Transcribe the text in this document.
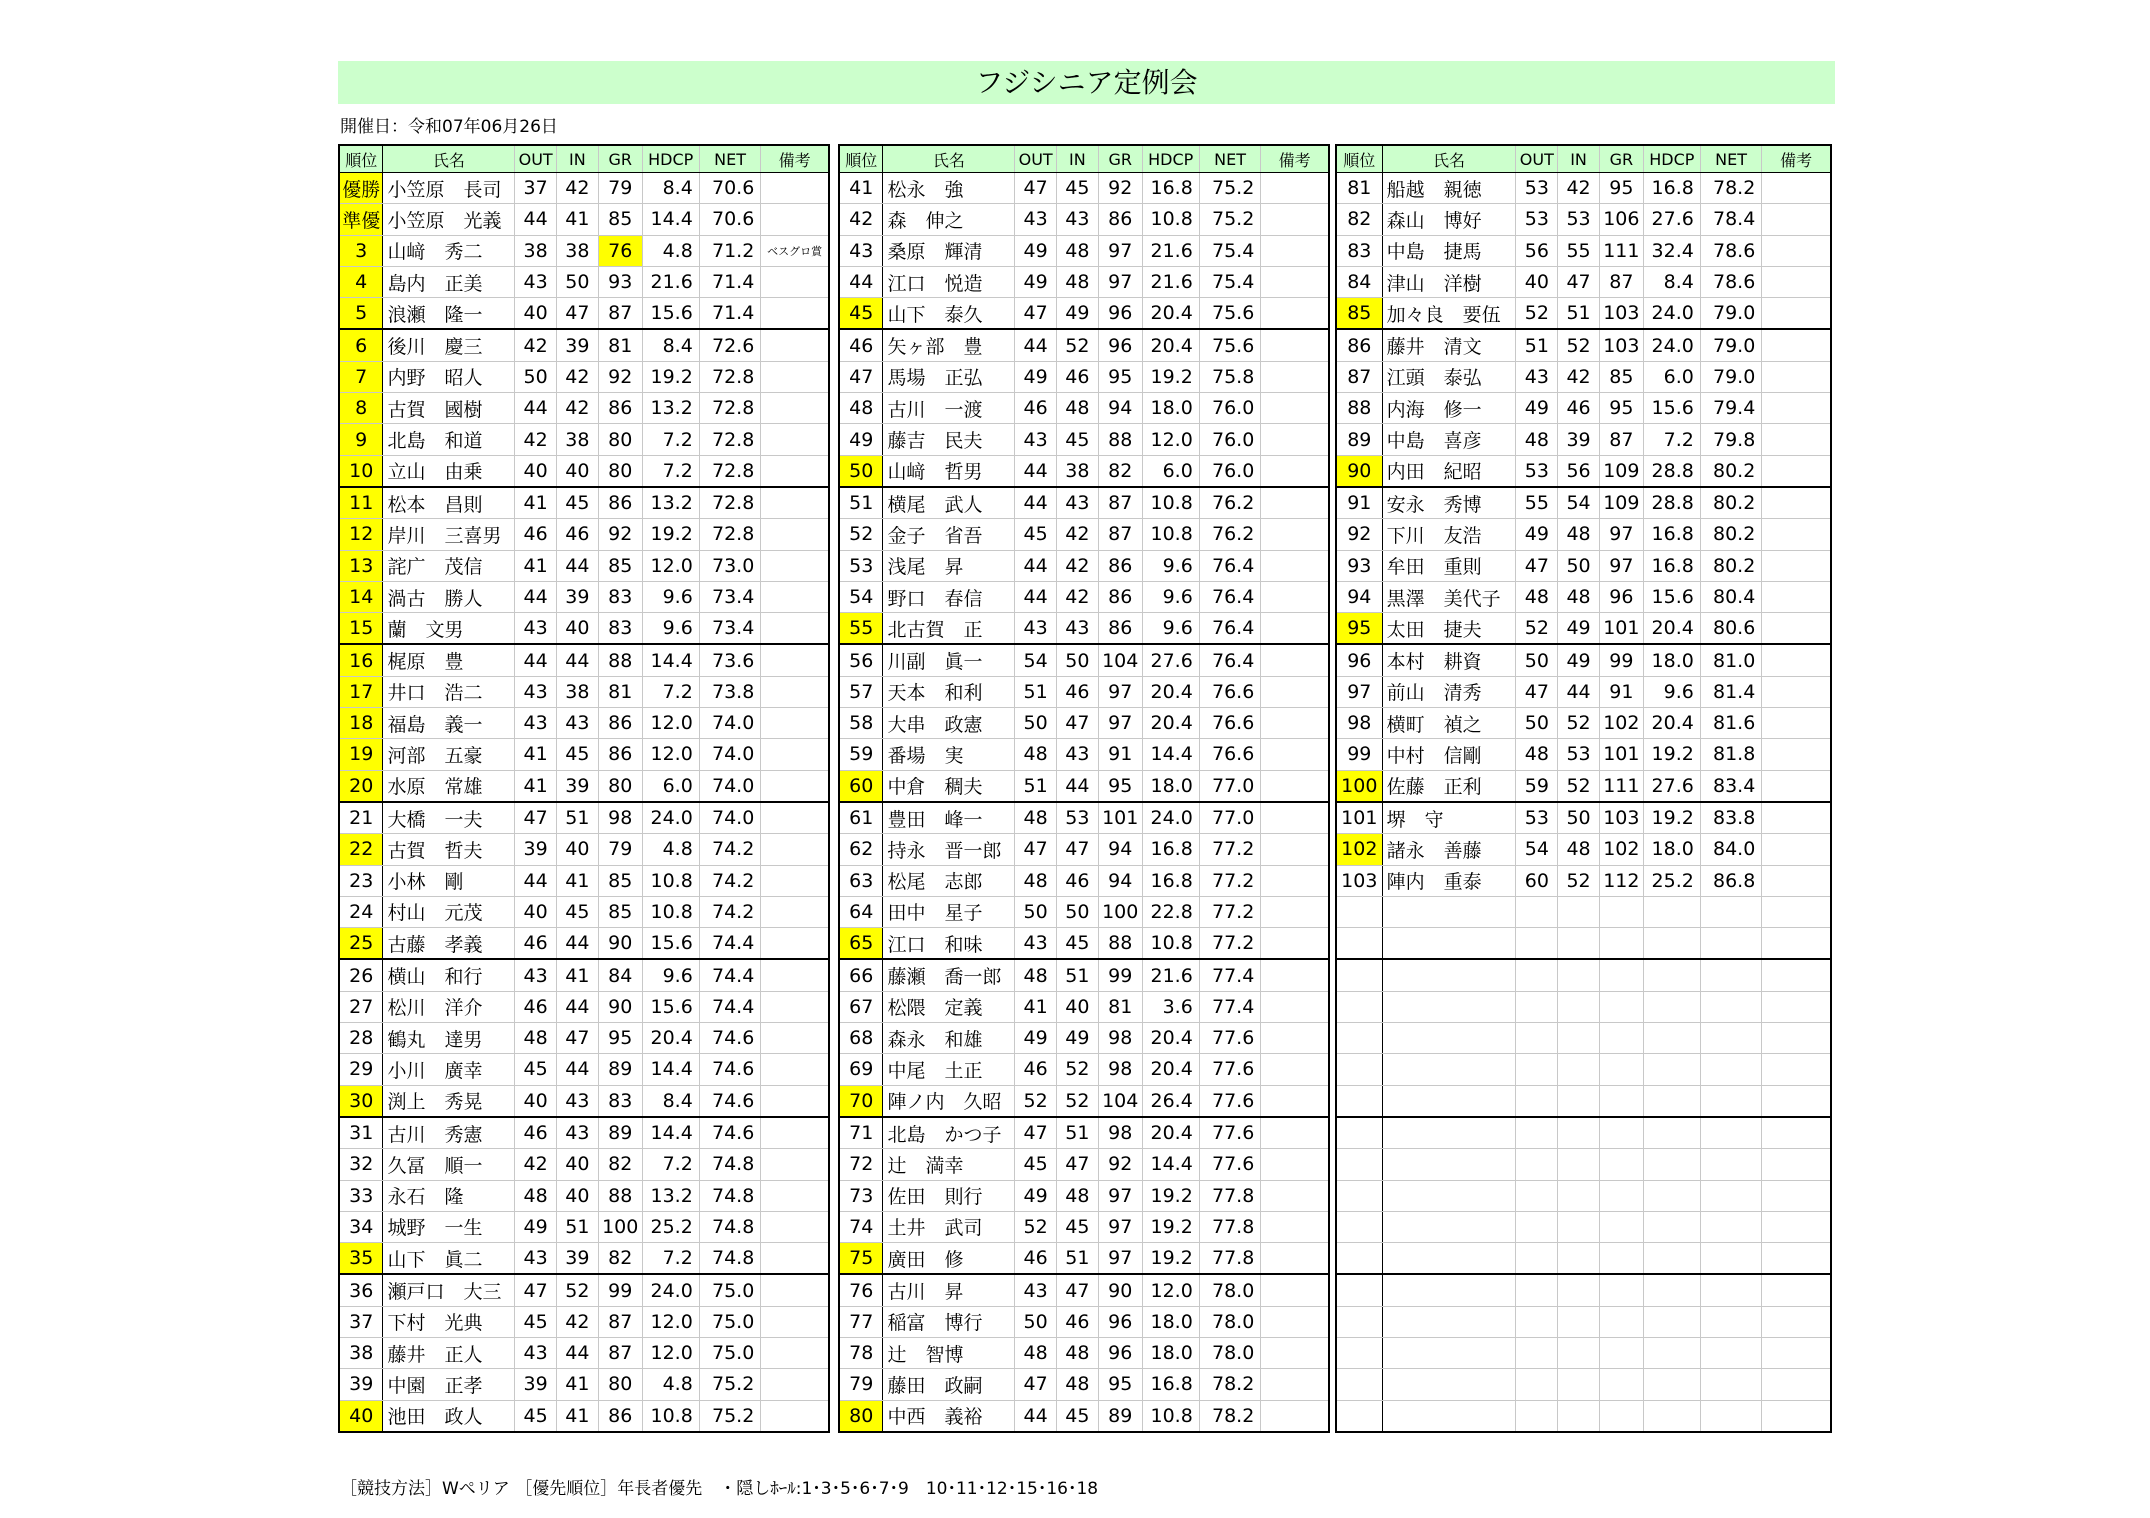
フジシニア定例会
開催日：令和07年06月26日
順位	氏名	OUT	IN	GR	HDCP	NET	備考
優勝	小笠原　長司	37	42	79	8.4	70.6	
準優	小笠原　光義	44	41	85	14.4	70.6	
3	山﨑　秀二	38	38	76	4.8	71.2	ベスグロ賞
4	島内　正美	43	50	93	21.6	71.4	
5	浪瀬　隆一	40	47	87	15.6	71.4	
6	後川　慶三	42	39	81	8.4	72.6	
7	内野　昭人	50	42	92	19.2	72.8	
8	古賀　國樹	44	42	86	13.2	72.8	
9	北島　和道	42	38	80	7.2	72.8	
10	立山　由乗	40	40	80	7.2	72.8	
11	松本　昌則	41	45	86	13.2	72.8	
12	岸川　三喜男	46	46	92	19.2	72.8	
13	詫广　茂信	41	44	85	12.0	73.0	
14	渦古　勝人	44	39	83	9.6	73.4	
15	蘭　文男	43	40	83	9.6	73.4	
16	梶原　豊	44	44	88	14.4	73.6	
17	井口　浩二	43	38	81	7.2	73.8	
18	福島　義一	43	43	86	12.0	74.0	
19	河部　五豪	41	45	86	12.0	74.0	
20	水原　常雄	41	39	80	6.0	74.0	
21	大橋　一夫	47	51	98	24.0	74.0	
22	古賀　哲夫	39	40	79	4.8	74.2	
23	小林　剛	44	41	85	10.8	74.2	
24	村山　元茂	40	45	85	10.8	74.2	
25	古藤　孝義	46	44	90	15.6	74.4	
26	横山　和行	43	41	84	9.6	74.4	
27	松川　洋介	46	44	90	15.6	74.4	
28	鶴丸　達男	48	47	95	20.4	74.6	
29	小川　廣幸	45	44	89	14.4	74.6	
30	渕上　秀晃	40	43	83	8.4	74.6	
31	古川　秀憲	46	43	89	14.4	74.6	
32	久冨　順一	42	40	82	7.2	74.8	
33	永石　隆	48	40	88	13.2	74.8	
34	城野　一生	49	51	100	25.2	74.8	
35	山下　眞二	43	39	82	7.2	74.8	
36	瀬戸口　大三	47	52	99	24.0	75.0	
37	下村　光典	45	42	87	12.0	75.0	
38	藤井　正人	43	44	87	12.0	75.0	
39	中園　正孝	39	41	80	4.8	75.2	
40	池田　政人	45	41	86	10.8	75.2	
順位	氏名	OUT	IN	GR	HDCP	NET	備考
41	松永　強	47	45	92	16.8	75.2	
42	森　伸之	43	43	86	10.8	75.2	
43	桑原　輝清	49	48	97	21.6	75.4	
44	江口　悦造	49	48	97	21.6	75.4	
45	山下　泰久	47	49	96	20.4	75.6	
46	矢ヶ部　豊	44	52	96	20.4	75.6	
47	馬場　正弘	49	46	95	19.2	75.8	
48	古川　一渡	46	48	94	18.0	76.0	
49	藤吉　民夫	43	45	88	12.0	76.0	
50	山﨑　哲男	44	38	82	6.0	76.0	
51	横尾　武人	44	43	87	10.8	76.2	
52	金子　省吾	45	42	87	10.8	76.2	
53	浅尾　昇	44	42	86	9.6	76.4	
54	野口　春信	44	42	86	9.6	76.4	
55	北古賀　正	43	43	86	9.6	76.4	
56	川副　眞一	54	50	104	27.6	76.4	
57	天本　和利	51	46	97	20.4	76.6	
58	大串　政憲	50	47	97	20.4	76.6	
59	番場　実	48	43	91	14.4	76.6	
60	中倉　稠夫	51	44	95	18.0	77.0	
61	豊田　峰一	48	53	101	24.0	77.0	
62	持永　晋一郎	47	47	94	16.8	77.2	
63	松尾　志郎	48	46	94	16.8	77.2	
64	田中　星子	50	50	100	22.8	77.2	
65	江口　和味	43	45	88	10.8	77.2	
66	藤瀬　喬一郎	48	51	99	21.6	77.4	
67	松隈　定義	41	40	81	3.6	77.4	
68	森永　和雄	49	49	98	20.4	77.6	
69	中尾　土正	46	52	98	20.4	77.6	
70	陣ノ内　久昭	52	52	104	26.4	77.6	
71	北島　かつ子	47	51	98	20.4	77.6	
72	辻　満幸	45	47	92	14.4	77.6	
73	佐田　則行	49	48	97	19.2	77.8	
74	土井　武司	52	45	97	19.2	77.8	
75	廣田　修	46	51	97	19.2	77.8	
76	古川　昇	43	47	90	12.0	78.0	
77	稲富　博行	50	46	96	18.0	78.0	
78	辻　智博	48	48	96	18.0	78.0	
79	藤田　政嗣	47	48	95	16.8	78.2	
80	中西　義裕	44	45	89	10.8	78.2	
順位	氏名	OUT	IN	GR	HDCP	NET	備考
81	船越　親徳	53	42	95	16.8	78.2	
82	森山　博好	53	53	106	27.6	78.4	
83	中島　捷馬	56	55	111	32.4	78.6	
84	津山　洋樹	40	47	87	8.4	78.6	
85	加々良　要伍	52	51	103	24.0	79.0	
86	藤井　清文	51	52	103	24.0	79.0	
87	江頭　泰弘	43	42	85	6.0	79.0	
88	内海　修一	49	46	95	15.6	79.4	
89	中島　喜彦	48	39	87	7.2	79.8	
90	内田　紀昭	53	56	109	28.8	80.2	
91	安永　秀博	55	54	109	28.8	80.2	
92	下川　友浩	49	48	97	16.8	80.2	
93	牟田　重則	47	50	97	16.8	80.2	
94	黒澤　美代子	48	48	96	15.6	80.4	
95	太田　捷夫	52	49	101	20.4	80.6	
96	本村　耕資	50	49	99	18.0	81.0	
97	前山　清秀	47	44	91	9.6	81.4	
98	横町　禎之	50	52	102	20.4	81.6	
99	中村　信剛	48	53	101	19.2	81.8	
100	佐藤　正利	59	52	111	27.6	83.4	
101	堺　守	53	50	103	19.2	83.8	
102	諸永　善藤	54	48	102	18.0	84.0	
103	陣内　重泰	60	52	112	25.2	86.8	

［競技方法］Wペリア ［優先順位］年長者優先　・隠しﾎｰﾙ:1･3･5･6･7･9　10･11･12･15･16･18
